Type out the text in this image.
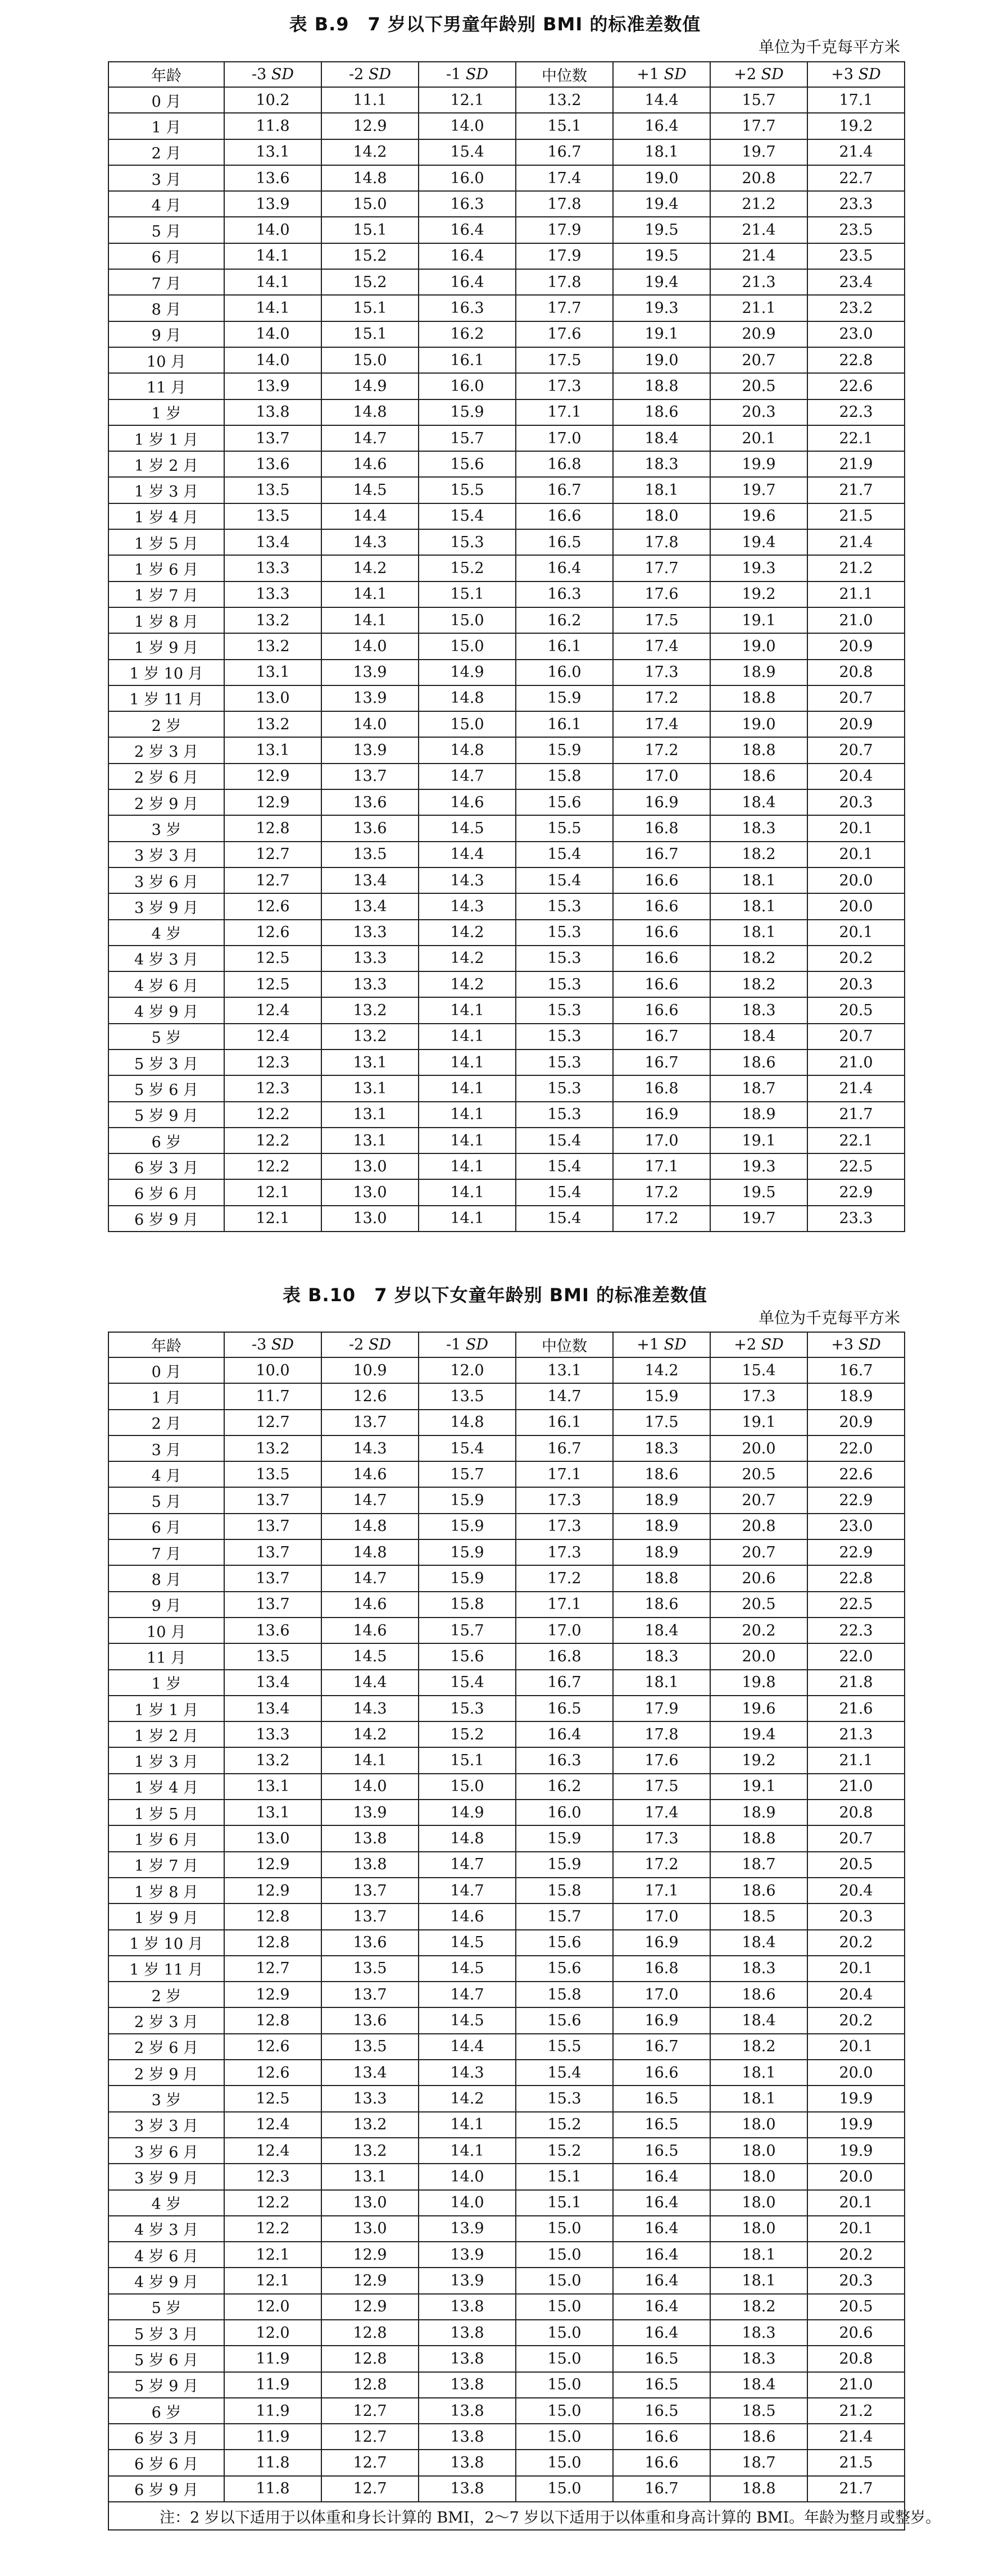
表 B.9　7 岁以下男童年龄别 BMI 的标准差数值
单位为千克每平方米
年龄	-3 SD	-2 SD	-1 SD	中位数	+1 SD	+2 SD	+3 SD
0 月	10.2	11.1	12.1	13.2	14.4	15.7	17.1
1 月	11.8	12.9	14.0	15.1	16.4	17.7	19.2
2 月	13.1	14.2	15.4	16.7	18.1	19.7	21.4
3 月	13.6	14.8	16.0	17.4	19.0	20.8	22.7
4 月	13.9	15.0	16.3	17.8	19.4	21.2	23.3
5 月	14.0	15.1	16.4	17.9	19.5	21.4	23.5
6 月	14.1	15.2	16.4	17.9	19.5	21.4	23.5
7 月	14.1	15.2	16.4	17.8	19.4	21.3	23.4
8 月	14.1	15.1	16.3	17.7	19.3	21.1	23.2
9 月	14.0	15.1	16.2	17.6	19.1	20.9	23.0
10 月	14.0	15.0	16.1	17.5	19.0	20.7	22.8
11 月	13.9	14.9	16.0	17.3	18.8	20.5	22.6
1 岁	13.8	14.8	15.9	17.1	18.6	20.3	22.3
1 岁 1 月	13.7	14.7	15.7	17.0	18.4	20.1	22.1
1 岁 2 月	13.6	14.6	15.6	16.8	18.3	19.9	21.9
1 岁 3 月	13.5	14.5	15.5	16.7	18.1	19.7	21.7
1 岁 4 月	13.5	14.4	15.4	16.6	18.0	19.6	21.5
1 岁 5 月	13.4	14.3	15.3	16.5	17.8	19.4	21.4
1 岁 6 月	13.3	14.2	15.2	16.4	17.7	19.3	21.2
1 岁 7 月	13.3	14.1	15.1	16.3	17.6	19.2	21.1
1 岁 8 月	13.2	14.1	15.0	16.2	17.5	19.1	21.0
1 岁 9 月	13.2	14.0	15.0	16.1	17.4	19.0	20.9
1 岁 10 月	13.1	13.9	14.9	16.0	17.3	18.9	20.8
1 岁 11 月	13.0	13.9	14.8	15.9	17.2	18.8	20.7
2 岁	13.2	14.0	15.0	16.1	17.4	19.0	20.9
2 岁 3 月	13.1	13.9	14.8	15.9	17.2	18.8	20.7
2 岁 6 月	12.9	13.7	14.7	15.8	17.0	18.6	20.4
2 岁 9 月	12.9	13.6	14.6	15.6	16.9	18.4	20.3
3 岁	12.8	13.6	14.5	15.5	16.8	18.3	20.1
3 岁 3 月	12.7	13.5	14.4	15.4	16.7	18.2	20.1
3 岁 6 月	12.7	13.4	14.3	15.4	16.6	18.1	20.0
3 岁 9 月	12.6	13.4	14.3	15.3	16.6	18.1	20.0
4 岁	12.6	13.3	14.2	15.3	16.6	18.1	20.1
4 岁 3 月	12.5	13.3	14.2	15.3	16.6	18.2	20.2
4 岁 6 月	12.5	13.3	14.2	15.3	16.6	18.2	20.3
4 岁 9 月	12.4	13.2	14.1	15.3	16.6	18.3	20.5
5 岁	12.4	13.2	14.1	15.3	16.7	18.4	20.7
5 岁 3 月	12.3	13.1	14.1	15.3	16.7	18.6	21.0
5 岁 6 月	12.3	13.1	14.1	15.3	16.8	18.7	21.4
5 岁 9 月	12.2	13.1	14.1	15.3	16.9	18.9	21.7
6 岁	12.2	13.1	14.1	15.4	17.0	19.1	22.1
6 岁 3 月	12.2	13.0	14.1	15.4	17.1	19.3	22.5
6 岁 6 月	12.1	13.0	14.1	15.4	17.2	19.5	22.9
6 岁 9 月	12.1	13.0	14.1	15.4	17.2	19.7	23.3
表 B.10　7 岁以下女童年龄别 BMI 的标准差数值
单位为千克每平方米
年龄	-3 SD	-2 SD	-1 SD	中位数	+1 SD	+2 SD	+3 SD
0 月	10.0	10.9	12.0	13.1	14.2	15.4	16.7
1 月	11.7	12.6	13.5	14.7	15.9	17.3	18.9
2 月	12.7	13.7	14.8	16.1	17.5	19.1	20.9
3 月	13.2	14.3	15.4	16.7	18.3	20.0	22.0
4 月	13.5	14.6	15.7	17.1	18.6	20.5	22.6
5 月	13.7	14.7	15.9	17.3	18.9	20.7	22.9
6 月	13.7	14.8	15.9	17.3	18.9	20.8	23.0
7 月	13.7	14.8	15.9	17.3	18.9	20.7	22.9
8 月	13.7	14.7	15.9	17.2	18.8	20.6	22.8
9 月	13.7	14.6	15.8	17.1	18.6	20.5	22.5
10 月	13.6	14.6	15.7	17.0	18.4	20.2	22.3
11 月	13.5	14.5	15.6	16.8	18.3	20.0	22.0
1 岁	13.4	14.4	15.4	16.7	18.1	19.8	21.8
1 岁 1 月	13.4	14.3	15.3	16.5	17.9	19.6	21.6
1 岁 2 月	13.3	14.2	15.2	16.4	17.8	19.4	21.3
1 岁 3 月	13.2	14.1	15.1	16.3	17.6	19.2	21.1
1 岁 4 月	13.1	14.0	15.0	16.2	17.5	19.1	21.0
1 岁 5 月	13.1	13.9	14.9	16.0	17.4	18.9	20.8
1 岁 6 月	13.0	13.8	14.8	15.9	17.3	18.8	20.7
1 岁 7 月	12.9	13.8	14.7	15.9	17.2	18.7	20.5
1 岁 8 月	12.9	13.7	14.7	15.8	17.1	18.6	20.4
1 岁 9 月	12.8	13.7	14.6	15.7	17.0	18.5	20.3
1 岁 10 月	12.8	13.6	14.5	15.6	16.9	18.4	20.2
1 岁 11 月	12.7	13.5	14.5	15.6	16.8	18.3	20.1
2 岁	12.9	13.7	14.7	15.8	17.0	18.6	20.4
2 岁 3 月	12.8	13.6	14.5	15.6	16.9	18.4	20.2
2 岁 6 月	12.6	13.5	14.4	15.5	16.7	18.2	20.1
2 岁 9 月	12.6	13.4	14.3	15.4	16.6	18.1	20.0
3 岁	12.5	13.3	14.2	15.3	16.5	18.1	19.9
3 岁 3 月	12.4	13.2	14.1	15.2	16.5	18.0	19.9
3 岁 6 月	12.4	13.2	14.1	15.2	16.5	18.0	19.9
3 岁 9 月	12.3	13.1	14.0	15.1	16.4	18.0	20.0
4 岁	12.2	13.0	14.0	15.1	16.4	18.0	20.1
4 岁 3 月	12.2	13.0	13.9	15.0	16.4	18.0	20.1
4 岁 6 月	12.1	12.9	13.9	15.0	16.4	18.1	20.2
4 岁 9 月	12.1	12.9	13.9	15.0	16.4	18.1	20.3
5 岁	12.0	12.9	13.8	15.0	16.4	18.2	20.5
5 岁 3 月	12.0	12.8	13.8	15.0	16.4	18.3	20.6
5 岁 6 月	11.9	12.8	13.8	15.0	16.5	18.3	20.8
5 岁 9 月	11.9	12.8	13.8	15.0	16.5	18.4	21.0
6 岁	11.9	12.7	13.8	15.0	16.5	18.5	21.2
6 岁 3 月	11.9	12.7	13.8	15.0	16.6	18.6	21.4
6 岁 6 月	11.8	12.7	13.8	15.0	16.6	18.7	21.5
6 岁 9 月	11.8	12.7	13.8	15.0	16.7	18.8	21.7
注：2 岁以下适用于以体重和身长计算的 BMI，2～7 岁以下适用于以体重和身高计算的 BMI。年龄为整月或整岁。							
